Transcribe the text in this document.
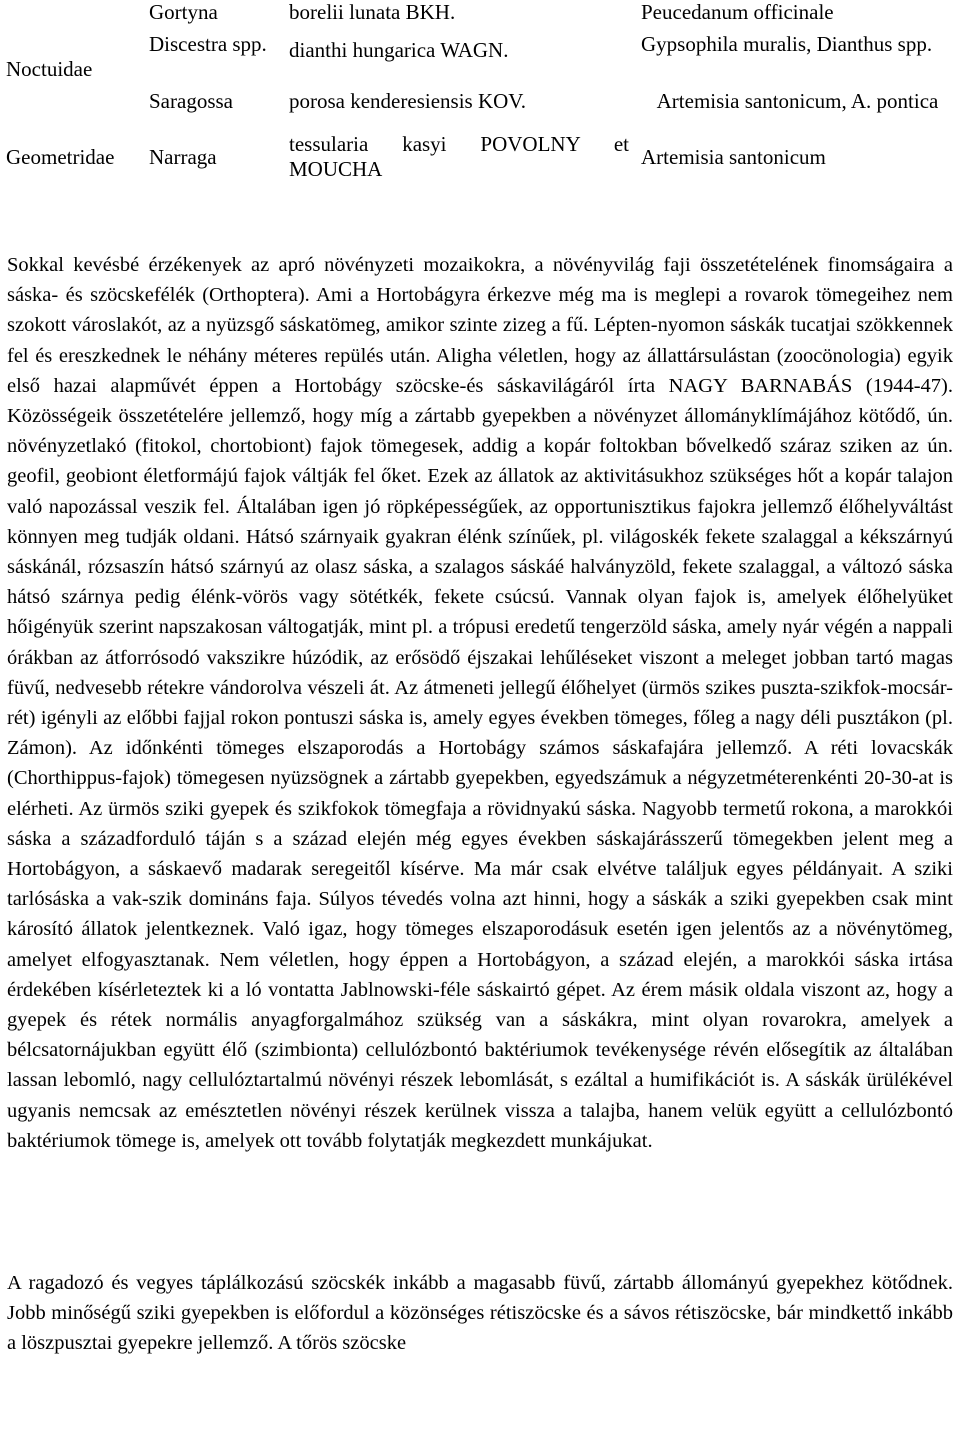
Noctuidae	Gortyna	borelii lunata BKH.	Peucedanum officinale
	Discestra spp.	dianthi hungarica WAGN.	Gypsophila muralis, Dianthus spp.
	Saragossa	porosa kenderesiensis KOV.	Artemisia santonicum, A. pontica
Geometridae	Narraga	tessularia kasyi POVOLNY et MOUCHA	Artemisia santonicum

Sokkal kevésbé érzékenyek az apró növényzeti mozaikokra, a növényvilág faji összetételének finomságaira a sáska- és szöcskefélék (Orthoptera). Ami a Hortobágyra érkezve még ma is meglepi a rovarok tömegeihez nem szokott városlakót, az a nyüzsgő sáskatömeg, amikor szinte zizeg a fű. Lépten-nyomon sáskák tucatjai szökkennek fel és ereszkednek le néhány méteres repülés után. Aligha véletlen, hogy az állattársulástan (zoocönologia) egyik első hazai alapművét éppen a Hortobágy szöcske-és sáskavilágáról írta NAGY BARNABÁS (1944-47). Közösségeik összetételére jellemző, hogy míg a zártabb gyepekben a növényzet állományklímájához kötődő, ún. növényzetlakó (fitokol, chortobiont) fajok tömegesek, addig a kopár foltokban bővelkedő száraz sziken az ún. geofil, geobiont életformájú fajok váltják fel őket. Ezek az állatok az aktivitásukhoz szükséges hőt a kopár talajon való napozással veszik fel. Általában igen jó röpképességűek, az opportunisztikus fajokra jellemző élőhelyváltást könnyen meg tudják oldani. Hátsó szárnyaik gyakran élénk színűek, pl. világoskék fekete szalaggal a kékszárnyú sáskánál, rózsaszín hátsó szárnyú az olasz sáska, a szalagos sáskáé halványzöld, fekete szalaggal, a változó sáska hátsó szárnya pedig élénk-vörös vagy sötétkék, fekete csúcsú. Vannak olyan fajok is, amelyek élőhelyüket hőigényük szerint napszakosan váltogatják, mint pl. a trópusi eredetű tengerzöld sáska, amely nyár végén a nappali órákban az átforrósodó vakszikre húzódik, az erősödő éjszakai lehűléseket viszont a meleget jobban tartó magas füvű, nedvesebb rétekre vándorolva vészeli át. Az átmeneti jellegű élőhelyet (ürmös szikes puszta-szikfok-mocsár-rét) igényli az előbbi fajjal rokon pontuszi sáska is, amely egyes években tömeges, főleg a nagy déli pusztákon (pl. Zámon). Az időnkénti tömeges elszaporodás a Hortobágy számos sáskafajára jellemző. A réti lovacskák (Chorthippus-fajok) tömegesen nyüzsögnek a zártabb gyepekben, egyedszámuk a négyzetméterenkénti 20-30-at is elérheti. Az ürmös sziki gyepek és szikfokok tömegfaja a rövidnyakú sáska. Nagyobb termetű rokona, a marokkói sáska a századforduló táján s a század elején még egyes években sáskajárásszerű tömegekben jelent meg a Hortobágyon, a sáskaevő madarak seregeitől kísérve. Ma már csak elvétve találjuk egyes példányait. A sziki tarlósáska a vak-szik domináns faja. Súlyos tévedés volna azt hinni, hogy a sáskák a sziki gyepekben csak mint károsító állatok jelentkeznek. Való igaz, hogy tömeges elszaporodásuk esetén igen jelentős az a növénytömeg, amelyet elfogyasztanak. Nem véletlen, hogy éppen a Hortobágyon, a század elején, a marokkói sáska irtása érdekében kísérleteztek ki a ló vontatta Jablnowski-féle sáskairtó gépet. Az érem másik oldala viszont az, hogy a gyepek és rétek normális anyagforgalmához szükség van a sáskákra, mint olyan rovarokra, amelyek a bélcsatornájukban együtt élő (szimbionta) cellulózbontó baktériumok tevékenysége révén elősegítik az általában lassan lebomló, nagy cellulóztartalmú növényi részek lebomlását, s ezáltal a humifikációt is. A sáskák ürülékével ugyanis nemcsak az emésztetlen növényi részek kerülnek vissza a talajba, hanem velük együtt a cellulózbontó baktériumok tömege is, amelyek ott tovább folytatják megkezdett munkájukat.

A ragadozó és vegyes táplálkozású szöcskék inkább a magasabb füvű, zártabb állományú gyepekhez kötődnek. Jobb minőségű sziki gyepekben is előfordul a közönséges rétiszöcske és a sávos rétiszöcske, bár mindkettő inkább a löszpusztai gyepekre jellemző. A tőrös szöcske
